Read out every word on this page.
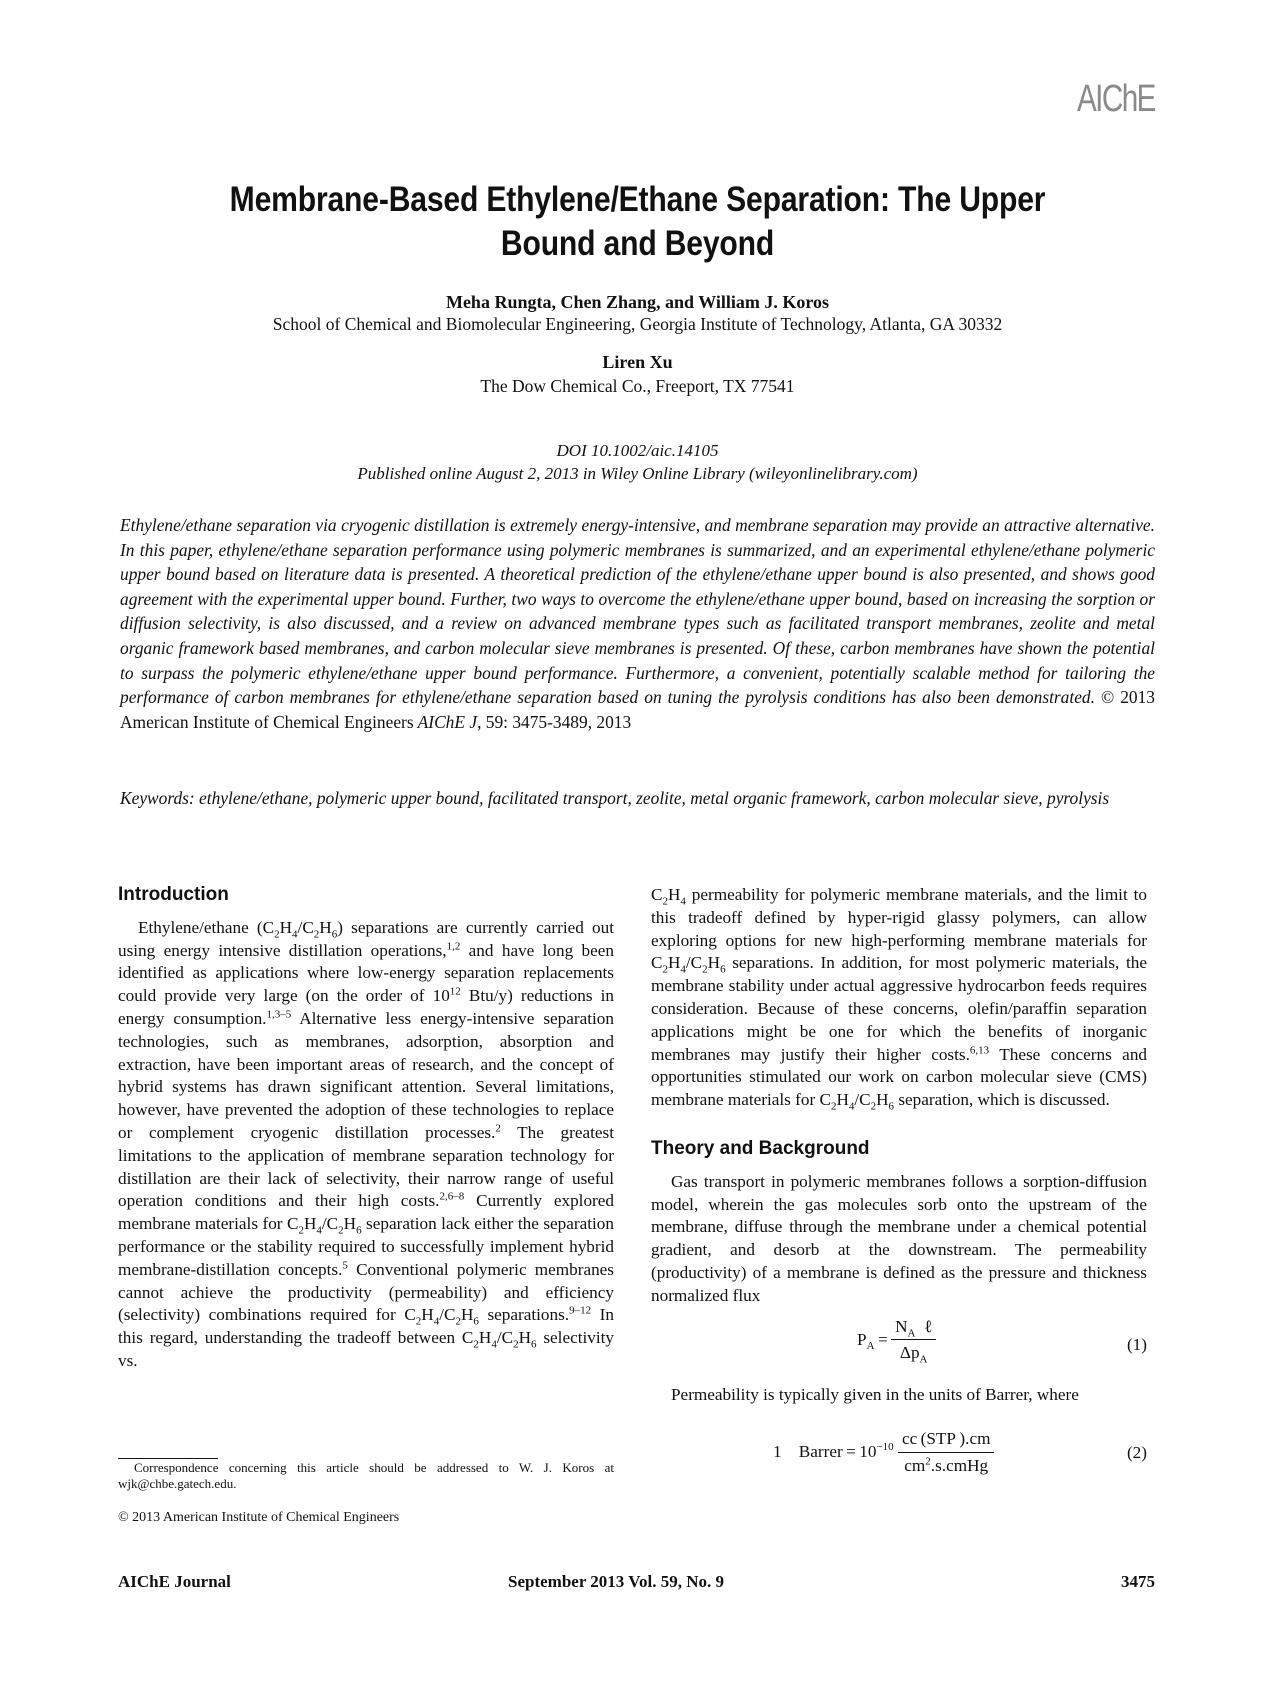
AIChE
Membrane-Based Ethylene/Ethane Separation: The Upper Bound and Beyond
Meha Rungta, Chen Zhang, and William J. Koros
School of Chemical and Biomolecular Engineering, Georgia Institute of Technology, Atlanta, GA 30332
Liren Xu
The Dow Chemical Co., Freeport, TX 77541
DOI 10.1002/aic.14105
Published online August 2, 2013 in Wiley Online Library (wileyonlinelibrary.com)

Ethylene/ethane separation via cryogenic distillation is extremely energy-intensive, and membrane separation may provide an attractive alternative. In this paper, ethylene/ethane separation performance using polymeric membranes is summarized, and an experimental ethylene/ethane polymeric upper bound based on literature data is presented. A theoretical prediction of the ethylene/ethane upper bound is also presented, and shows good agreement with the experimental upper bound. Further, two ways to overcome the ethylene/ethane upper bound, based on increasing the sorption or diffusion selectivity, is also discussed, and a review on advanced membrane types such as facilitated transport membranes, zeolite and metal organic framework based membranes, and carbon molecular sieve membranes is presented. Of these, carbon membranes have shown the potential to surpass the polymeric ethylene/ethane upper bound performance. Furthermore, a convenient, potentially scalable method for tailoring the performance of carbon membranes for ethylene/ethane separation based on tuning the pyrolysis conditions has also been demonstrated. © 2013 American Institute of Chemical Engineers AIChE J, 59: 3475-3489, 2013

Keywords: ethylene/ethane, polymeric upper bound, facilitated transport, zeolite, metal organic framework, carbon molecular sieve, pyrolysis

Introduction

Ethylene/ethane $(C_2H_4/C_2H_6)$ separations are currently carried out using energy intensive distillation operations,$^{1,2}$ and have long been identified as applications where low-energy separation replacements could provide very large (on the order of $10^{12}$ Btu/y) reductions in energy consumption.$^{1,3-5}$ Alternative less energy-intensive separation technologies, such as membranes, adsorption, absorption and extraction, have been important areas of research, and the concept of hybrid systems has drawn significant attention. Several limitations, however, have prevented the adoption of these technologies to replace or complement cryogenic distillation processes.$^2$ The greatest limitations to the application of membrane separation technology for distillation are their lack of selectivity, their narrow range of useful operation conditions and their high costs.$^{2,6-8}$ Currently explored membrane materials for $C_2H_4/C_2H_6$ separation lack either the separation performance or the stability required to successfully implement hybrid membrane-distillation concepts.$^5$ Conventional polymeric membranes cannot achieve the productivity (permeability) and efficiency (selectivity) combinations required for $C_2H_4/C_2H_6$ separations.$^{9-12}$ In this regard, understanding the tradeoff between $C_2H_4/C_2H_6$ selectivity vs.

$C_2H_4$ permeability for polymeric membrane materials, and the limit to this tradeoff defined by hyper-rigid glassy polymers, can allow exploring options for new high-performing membrane materials for $C_2H_4/C_2H_6$ separations. In addition, for most polymeric materials, the membrane stability under actual aggressive hydrocarbon feeds requires consideration. Because of these concerns, olefin/paraffin separation applications might be one for which the benefits of inorganic membranes may justify their higher costs.$^{6,13}$ These concerns and opportunities stimulated our work on carbon molecular sieve (CMS) membrane materials for $C_2H_4/C_2H_6$ separation, which is discussed.

Theory and Background

Gas transport in polymeric membranes follows a sorption-diffusion model, wherein the gas molecules sorb onto the upstream of the membrane, diffuse through the membrane under a chemical potential gradient, and desorb at the downstream. The permeability (productivity) of a membrane is defined as the pressure and thickness normalized flux

$P_A = \frac{N_A \ell}{\Delta p_A}$	(1)

Permeability is typically given in the units of Barrer, where

1    Barrer = $10^{-10} \frac{\text{cc (STP ).cm}}{cm^2.s.cmHg}$	(2)

Correspondence concerning this article should be addressed to W. J. Koros at wjk@chbe.gatech.edu.

© 2013 American Institute of Chemical Engineers
AIChE Journal	September 2013 Vol. 59, No. 9	3475
